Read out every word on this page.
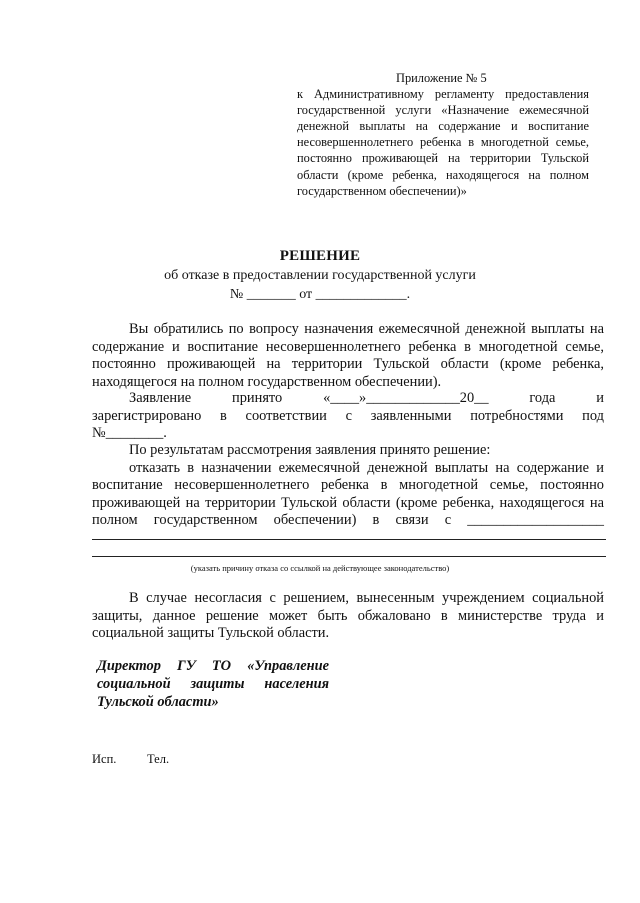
Приложение № 5
к Административному регламенту предоставления государственной услуги «Назначение ежемесячной денежной выплаты на содержание и воспитание несовершеннолетнего ребенка в многодетной семье, постоянно проживающей на территории Тульской области (кроме ребенка, находящегося на полном государственном обеспечении)»
РЕШЕНИЕ
об отказе в предоставлении государственной услуги
№ _______ от _____________.

Вы обратились по вопросу назначения ежемесячной денежной выплаты на содержание и воспитание несовершеннолетнего ребенка в многодетной семье, постоянно проживающей на территории Тульской области (кроме ребенка, находящегося на полном государственном обеспечении).

Заявление	принято	«____»_____________20__	года	и

зарегистрировано в соответствии с заявленными потребностями под

№________.

По результатам рассмотрения заявления принято решение:

отказать в назначении ежемесячной денежной выплаты на содержание и воспитание несовершеннолетнего ребенка в многодетной семье, постоянно проживающей на территории Тульской области (кроме ребенка, находящегося на полном государственном обеспечении) в связи с ___________________

(указать причину отказа со ссылкой на действующее законодательство)

В случае несогласия с решением, вынесенным учреждением социальной защиты, данное решение может быть обжаловано в министерстве труда и социальной защиты Тульской области.

Директор ГУ ТО «Управление социальной защиты населения Тульской области»

Исп. Тел.
